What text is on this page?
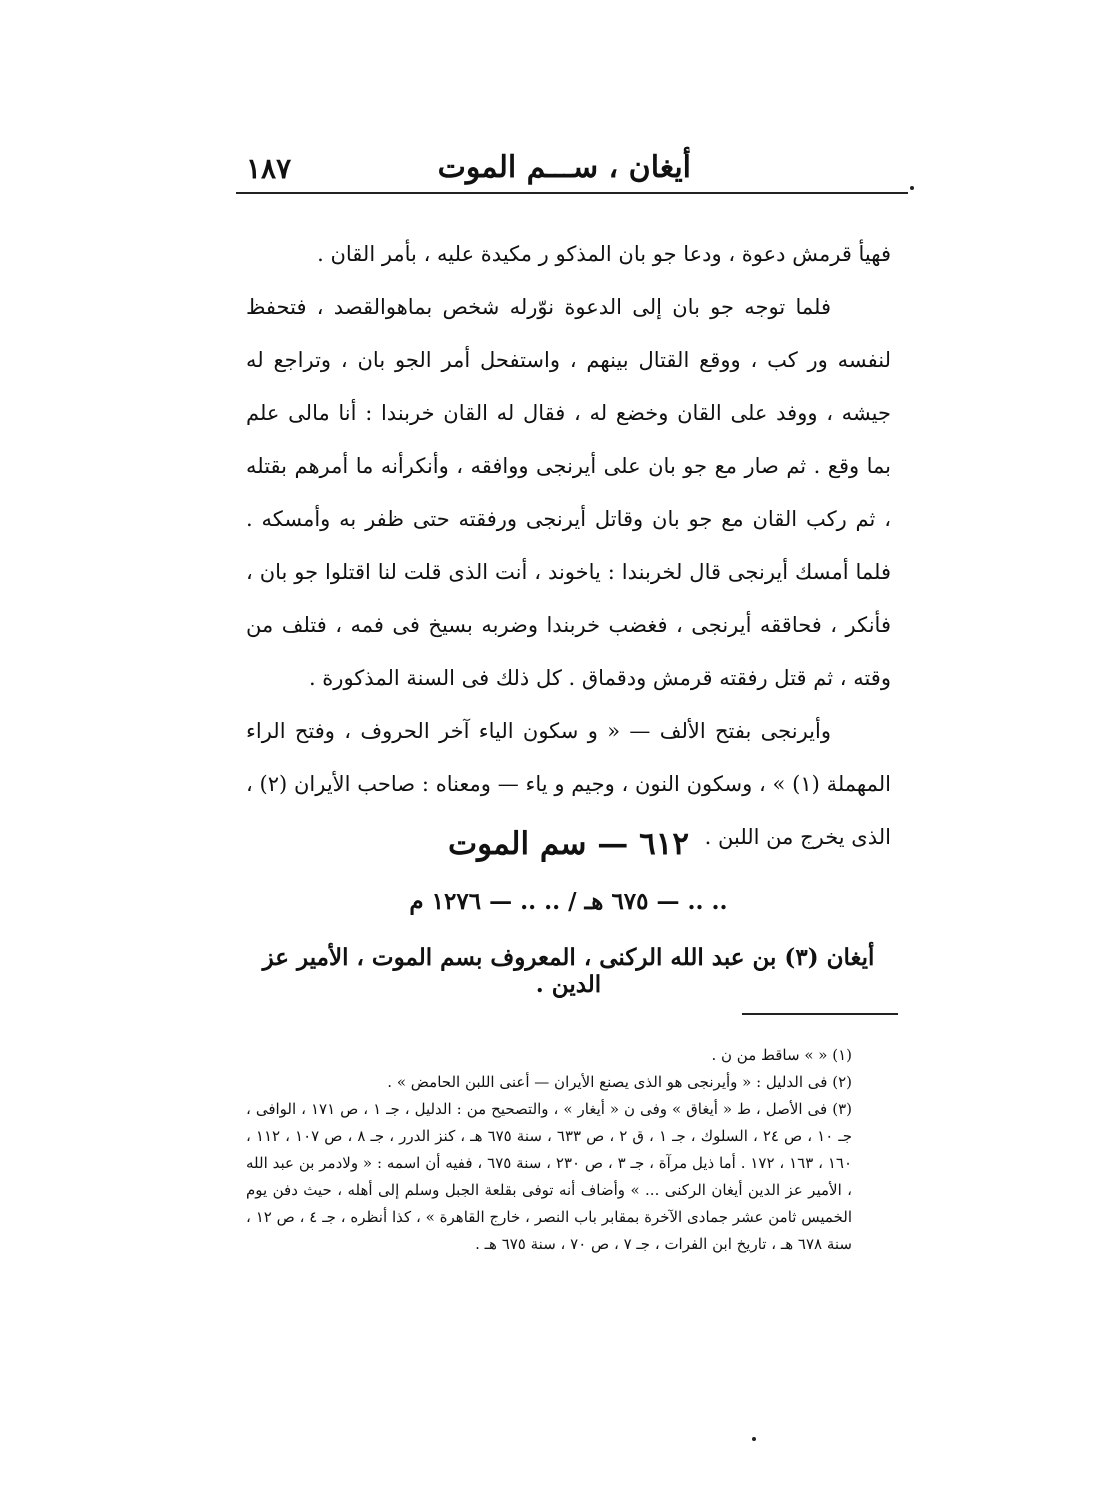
١٨٧	أيغان ، ســـم الموت

فهيأ قرمش دعوة ، ودعا جو بان المذكو ر مكيدة عليه ، بأمر القان .

فلما توجه جو بان إلى الدعوة نوّرله شخص بماهوالقصد ، فتحفظ لنفسه ور كب ، ووقع القتال بينهم ، واستفحل أمر الجو بان ، وتراجع له جيشه ، ووفد على القان وخضع له ، فقال له القان خربندا : أنا مالى علم بما وقع . ثم صار مع جو بان على أيرنجى ووافقه ، وأنكرأنه ما أمرهم بقتله ، ثم ركب القان مع جو بان وقاتل أيرنجى ورفقته حتى ظفر به وأمسكه . فلما أمسك أيرنجى قال لخربندا : ياخوند ، أنت الذى قلت لنا اقتلوا جو بان ، فأنكر ، فحاققه أيرنجى ، فغضب خربندا وضربه بسيخ فى فمه ، فتلف من وقته ، ثم قتل رفقته قرمش ودقماق . كل ذلك فى السنة المذكورة .

وأيرنجى بفتح الألف — « و سكون الياء آخر الحروف ، وفتح الراء المهملة (١) » ، وسكون النون ، وجيم و ياء — ومعناه : صاحب الأيران (٢) ، الذى يخرج من اللبن .

٦١٢ — سم الموت
.. .. — ٦٧٥ هـ / .. .. — ١٢٧٦ م
أيغان (٣) بن عبد الله الركنى ، المعروف بسم الموت ، الأمير عز الدين .

(١) « » ساقط من ن .

(٢) فى الدليل : « وأيرنجى هو الذى يصنع الأيران — أعنى اللبن الحامض » .

(٣) فى الأصل ، ط « أيغاق » وفى ن « أيغار » ، والتصحيح من : الدليل ، جـ ١ ، ص ١٧١ ، الوافى ، جـ ١٠ ، ص ٢٤ ، السلوك ، جـ ١ ، ق ٢ ، ص ٦٣٣ ، سنة ٦٧٥ هـ ، كنز الدرر ، جـ ٨ ، ص ١٠٧ ، ١١٢ ، ١٦٠ ، ١٦٣ ، ١٧٢ . أما ذيل مرآة ، جـ ٣ ، ص ٢٣٠ ، سنة ٦٧٥ ، ففيه أن اسمه : « ولادمر بن عبد الله ، الأمير عز الدين أيغان الركنى ... » وأضاف أنه توفى بقلعة الجبل وسلم إلى أهله ، حيث دفن يوم الخميس ثامن عشر جمادى الآخرة بمقابر باب النصر ، خارج القاهرة » ، كذا أنظره ، جـ ٤ ، ص ١٢ ، سنة ٦٧٨ هـ ، تاريخ ابن الفرات ، جـ ٧ ، ص ٧٠ ، سنة ٦٧٥ هـ .
